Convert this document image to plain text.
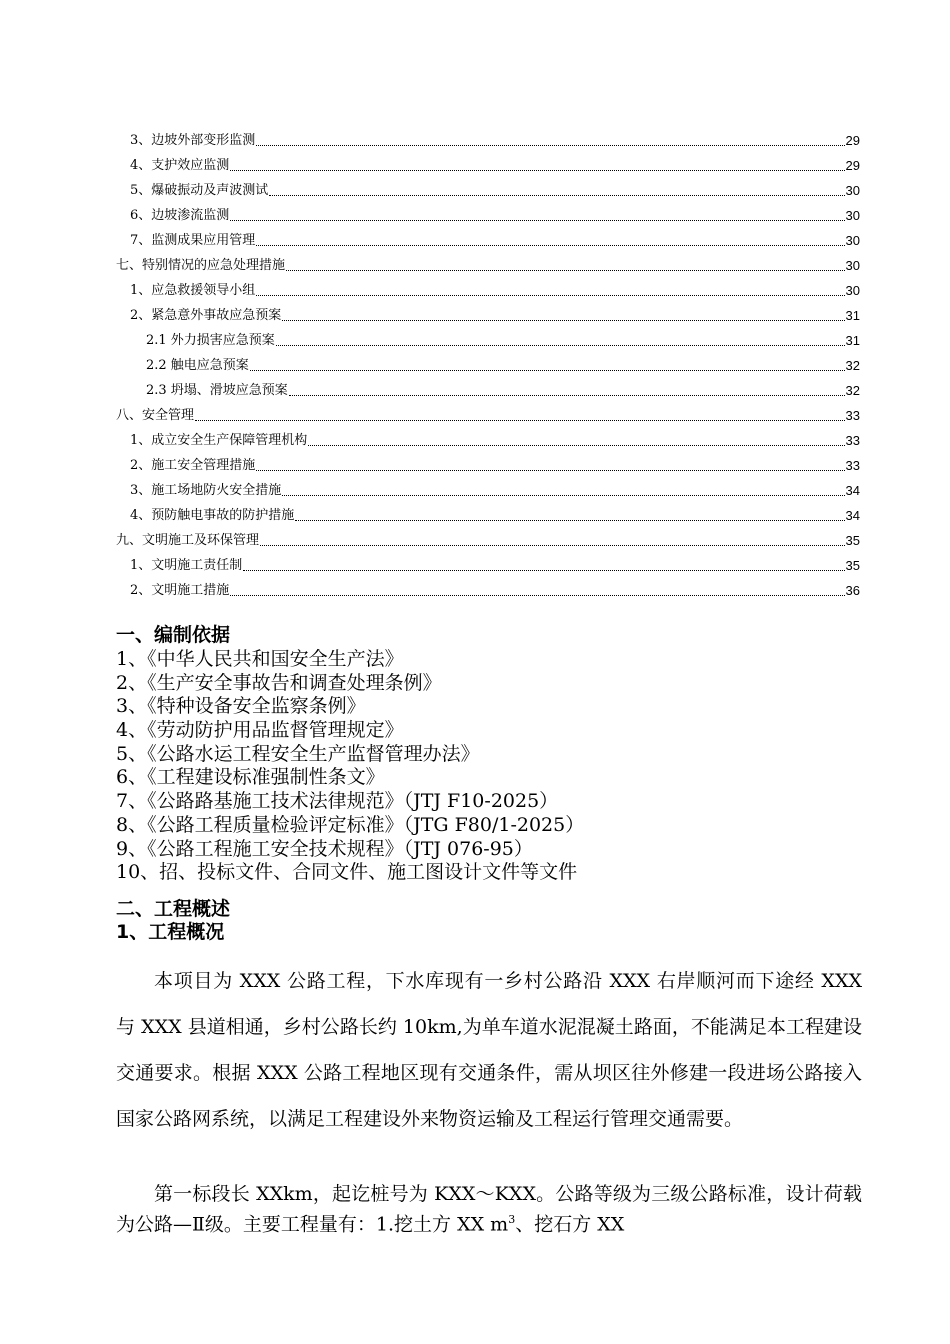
3、边坡外部变形监测	29
4、支护效应监测	29
5、爆破振动及声波测试	30
6、边坡渗流监测	30
7、监测成果应用管理	30
七、特别情况的应急处理措施	30
1、应急救援领导小组	30
2、紧急意外事故应急预案	31
2.1 外力损害应急预案	31
2.2 触电应急预案	32
2.3 坍塌、滑坡应急预案	32
八、安全管理	33
1、成立安全生产保障管理机构	33
2、施工安全管理措施	33
3、施工场地防火安全措施	34
4、预防触电事故的防护措施	34
九、文明施工及环保管理	35
1、文明施工责任制	35
2、文明施工措施	36
一、编制依据
1、《中华人民共和国安全生产法》
2、《生产安全事故告和调查处理条例》
3、《特种设备安全监察条例》
4、《劳动防护用品监督管理规定》
5、《公路水运工程安全生产监督管理办法》
6、《工程建设标准强制性条文》
7、《公路路基施工技术法律规范》（JTJ F10-2025）
8、《公路工程质量检验评定标准》（JTG F80/1-2025）
9、《公路工程施工安全技术规程》（JTJ 076-95）
10、招、投标文件、合同文件、施工图设计文件等文件
二、工程概述
1、工程概况

本项目为 XXX 公路工程，下水库现有一乡村公路沿 XXX 右岸顺河而下途经 XXX 与 XXX 县道相通，乡村公路长约 10km,为单车道水泥混凝土路面，不能满足本工程建设交通要求。根据 XXX 公路工程地区现有交通条件，需从坝区往外修建一段进场公路接入国家公路网系统，以满足工程建设外来物资运输及工程运行管理交通需要。

第一标段长 XXkm，起讫桩号为 KXX～KXX。公路等级为三级公路标准，设计荷载为公路—Ⅱ级。主要工程量有：1.挖土方 XX $m^3$、挖石方 XX
